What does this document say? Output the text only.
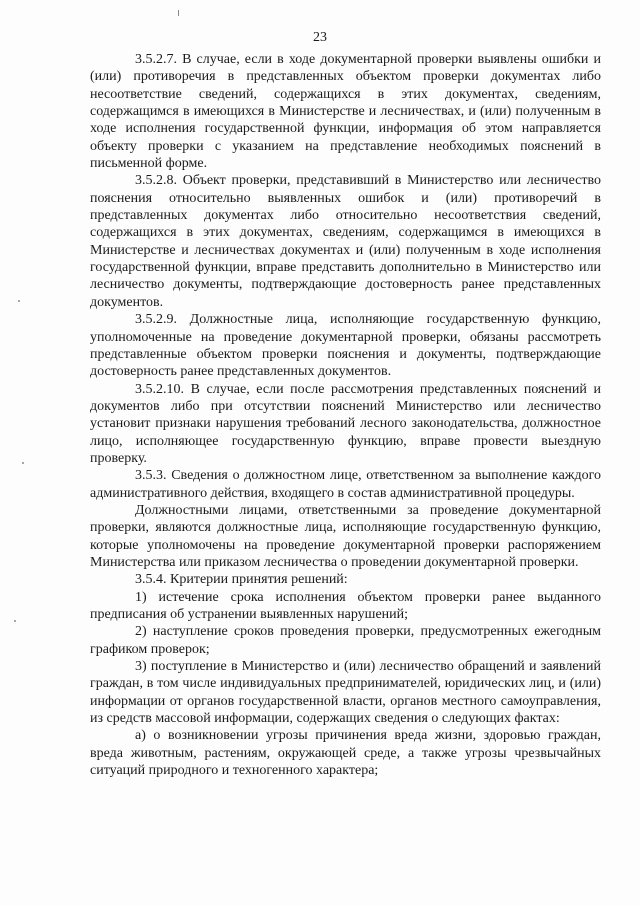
23

3.5.2.7. В случае, если в ходе документарной проверки выявлены ошибки и (или) противоречия в представленных объектом проверки документах либо несоответствие сведений, содержащихся в этих документах, сведениям, содержащимся в имеющихся в Министерстве и лесничествах, и (или) полученным в ходе исполнения государственной функции, информация об этом направляется объекту проверки с указанием на представление необходимых пояснений в письменной форме.

3.5.2.8. Объект проверки, представивший в Министерство или лесничество пояснения относительно выявленных ошибок и (или) противоречий в представленных документах либо относительно несоответствия сведений, содержащихся в этих документах, сведениям, содержащимся в имеющихся в Министерстве и лесничествах документах и (или) полученным в ходе исполнения государственной функции, вправе представить дополнительно в Министерство или лесничество документы, подтверждающие достоверность ранее представленных документов.

3.5.2.9. Должностные лица, исполняющие государственную функцию, уполномоченные на проведение документарной проверки, обязаны рассмотреть представленные объектом проверки пояснения и документы, подтверждающие достоверность ранее представленных документов.

3.5.2.10. В случае, если после рассмотрения представленных пояснений и документов либо при отсутствии пояснений Министерство или лесничество установит признаки нарушения требований лесного законодательства, должностное лицо, исполняющее государственную функцию, вправе провести выездную проверку.

3.5.3. Сведения о должностном лице, ответственном за выполнение каждого административного действия, входящего в состав административной процедуры.

Должностными лицами, ответственными за проведение документарной проверки, являются должностные лица, исполняющие государственную функцию, которые уполномочены на проведение документарной проверки распоряжением Министерства или приказом лесничества о проведении документарной проверки.

3.5.4. Критерии принятия решений:

1) истечение срока исполнения объектом проверки ранее выданного предписания об устранении выявленных нарушений;

2) наступление сроков проведения проверки, предусмотренных ежегодным графиком проверок;

3) поступление в Министерство и (или) лесничество обращений и заявлений граждан, в том числе индивидуальных предпринимателей, юридических лиц, и (или) информации от органов государственной власти, органов местного самоуправления, из средств массовой информации, содержащих сведения о следующих фактах:

а) о возникновении угрозы причинения вреда жизни, здоровью граждан, вреда животным, растениям, окружающей среде, а также угрозы чрезвычайных ситуаций природного и техногенного характера;
